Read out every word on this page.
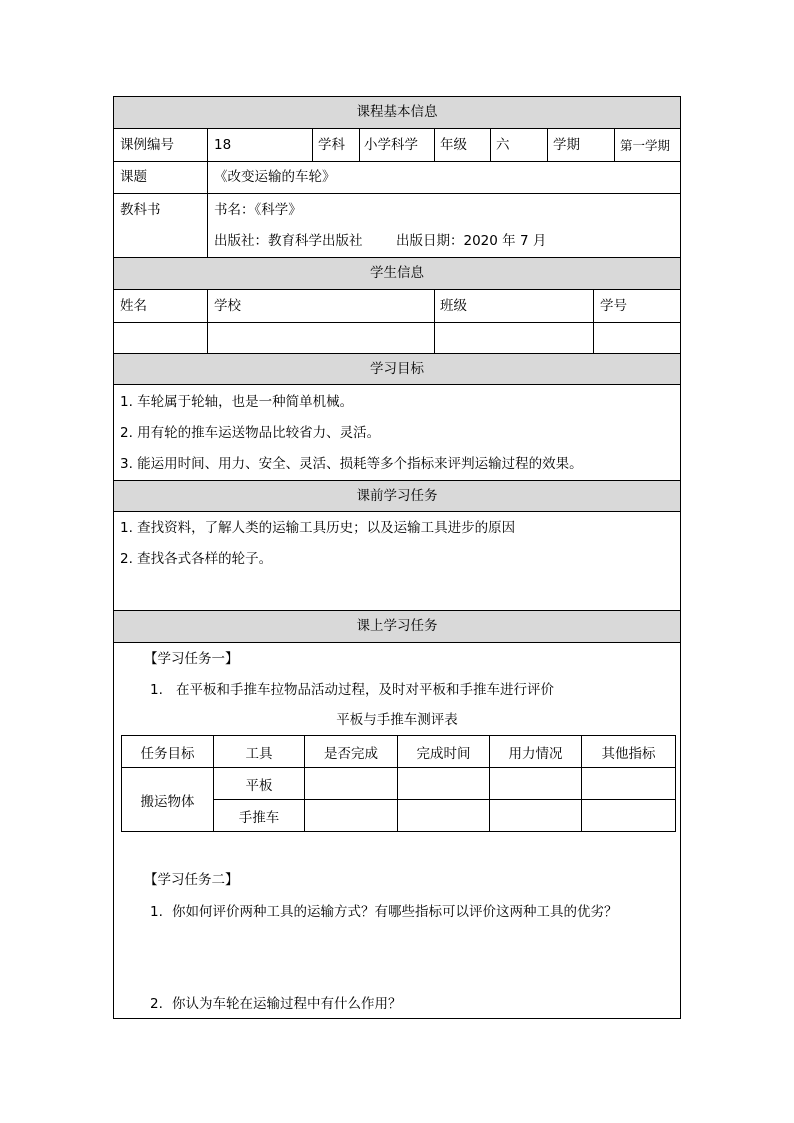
课程基本信息
课例编号	18	学科 小学科学 年级 六	学期	第一学期
课题	《改变运输的车轮》
教科书	书名：《科学》
出版社：教育科学出版社 出版日期：2020 年 7 月
学生信息
姓名	学校	班级	学号
学习目标
1. 车轮属于轮轴，也是一种简单机械。
2. 用有轮的推车运送物品比较省力、灵活。
3. 能运用时间、用力、安全、灵活、损耗等多个指标来评判运输过程的效果。
课前学习任务
1. 查找资料，了解人类的运输工具历史；以及运输工具进步的原因
2. 查找各式各样的轮子。
课上学习任务
【学习任务一】
1. 在平板和手推车拉物品活动过程，及时对平板和手推车进行评价
平板与手推车测评表
任务目标	工具	是否完成	完成时间	用力情况	其他指标
搬运物体	平板				
	手推车				
【学习任务二】
1. 你如何评价两种工具的运输方式？有哪些指标可以评价这两种工具的优劣？
2. 你认为车轮在运输过程中有什么作用？
